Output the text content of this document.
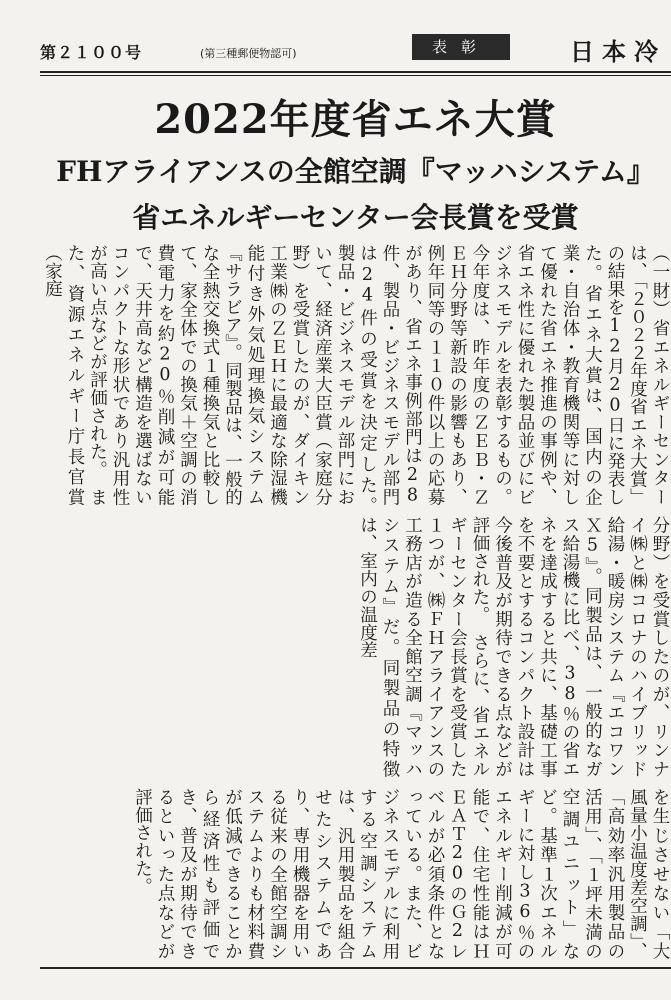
第２１００号	(第三種郵便物認可)	表彰	日本冷
2022年度省エネ大賞
FHアライアンスの全館空調『マッハシステム』
省エネルギーセンター会長賞を受賞
（一財）省エネルギーセンターは、「２０２２年度省エネ大賞」の結果を12月20日に発表した。省エネ大賞は、国内の企業・自治体・教育機関等に対して優れた省エネ推進の事例や、省エネ性に優れた製品並びにビジネスモデルを表彰するもの。今年度は、昨年度のＺＥＢ・ＺＥＨ分野等新設の影響もあり、例年同等の１１０件以上の応募があり、省エネ事例部門は28件、製品・ビジネスモデル部門は24件の受賞を決定した。　製品・ビジネスモデル部門において、経済産業大臣賞（家庭分野）を受賞したのが、ダイキン工業㈱のＺＥＨに最適な除湿機能付き外気処理換気システム『サラビア』。同製品は、一般的な全熱交換式１種換気と比較して、家全体での換気＋空調の消費電力を約20％削減が可能で、天井高など構造を選ばないコンパクトな形状であり汎用性が高い点などが評価された。　また、資源エネルギー庁長官賞（家庭
分野）を受賞したのが、リンナイ㈱と㈱コロナのハイブリッド給湯・暖房システム『エコワンＸ5』。同製品は、一般的なガス給湯機に比べ、38％の省エネを達成すると共に、基礎工事を不要とするコンパクト設計は今後普及が期待できる点などが評価された。　さらに、省エネルギーセンター会長賞を受賞した１つが、㈱ＦＨアライアンスの工務店が造る全館空調『マッハシステム』だ。同製品の特徴は、室内の温度差
を生じさせない「大風量小温度差空調」、「高効率汎用製品の活用」、「１坪未満の空調ユニット」など。基準１次エネルギーに対し36％のエネルギー削減が可能で、住宅性能はＨＥＡＴ20のＧ2レベルが必須条件となっている。また、ビジネスモデルに利用する空調システムは、汎用製品を組合せたシステムであり、専用機器を用いる従来の全館空調システムよりも材料費が低減できることから経済性も評価でき、普及が期待できるといった点などが評価された。
